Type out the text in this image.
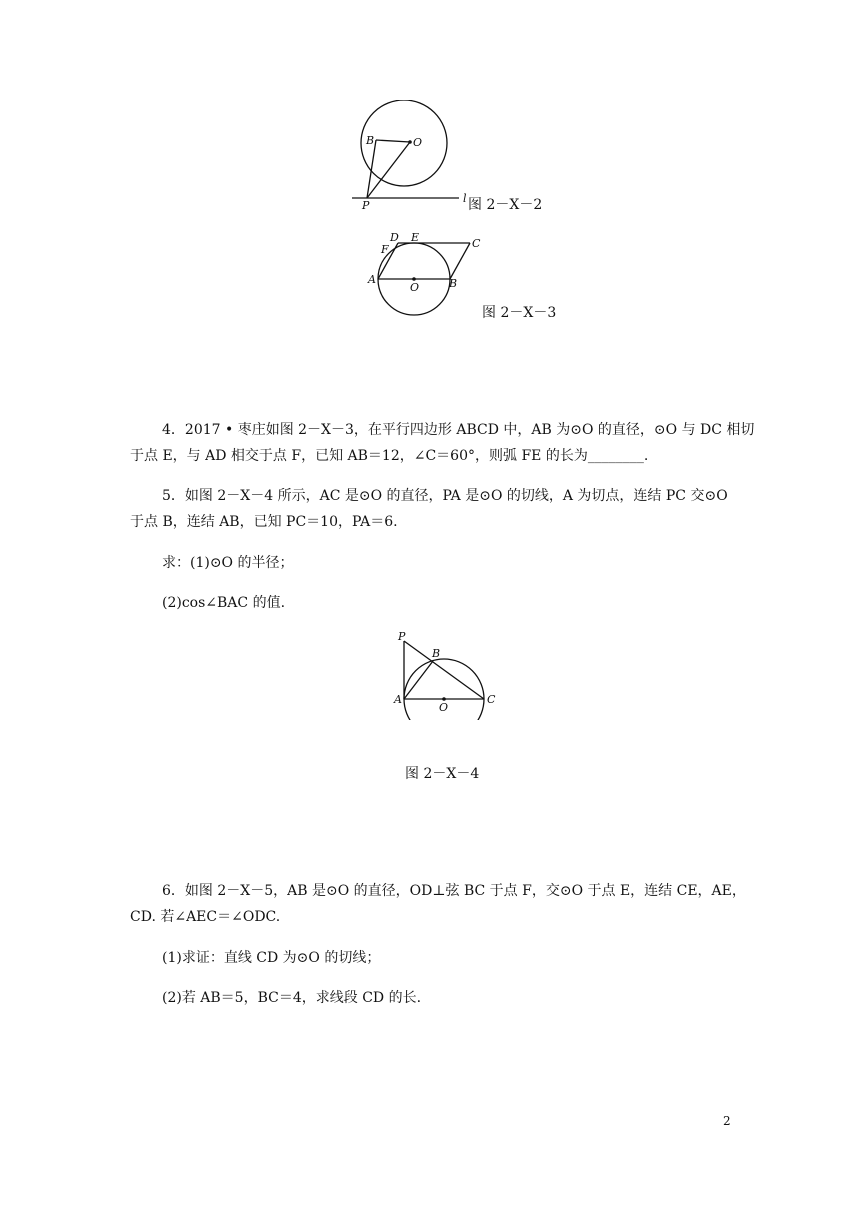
B	O
P
l 图 2－X－2
D E	C
F
A
O	B
图 2－X－3
4．2017 • 枣庄如图 2－X－3，在平行四边形 ABCD 中，AB 为⊙O 的直径，⊙O 与 DC 相切
于点 E，与 AD 相交于点 F，已知 AB＝12，∠C＝60°，则弧 FE 的长为________.
5．如图 2－X－4 所示，AC 是⊙O 的直径，PA 是⊙O 的切线，A 为切点，连结 PC 交⊙O
于点 B，连结 AB，已知 PC＝10，PA＝6.
求：(1)⊙O 的半径；
(2)cos∠BAC 的值.
P
B
A
O
C
图 2－X－4
6．如图 2－X－5，AB 是⊙O 的直径，OD⊥弦 BC 于点 F，交⊙O 于点 E，连结 CE，AE，
CD. 若∠AEC＝∠ODC.
(1)求证：直线 CD 为⊙O 的切线；
(2)若 AB＝5，BC＝4，求线段 CD 的长.
2
